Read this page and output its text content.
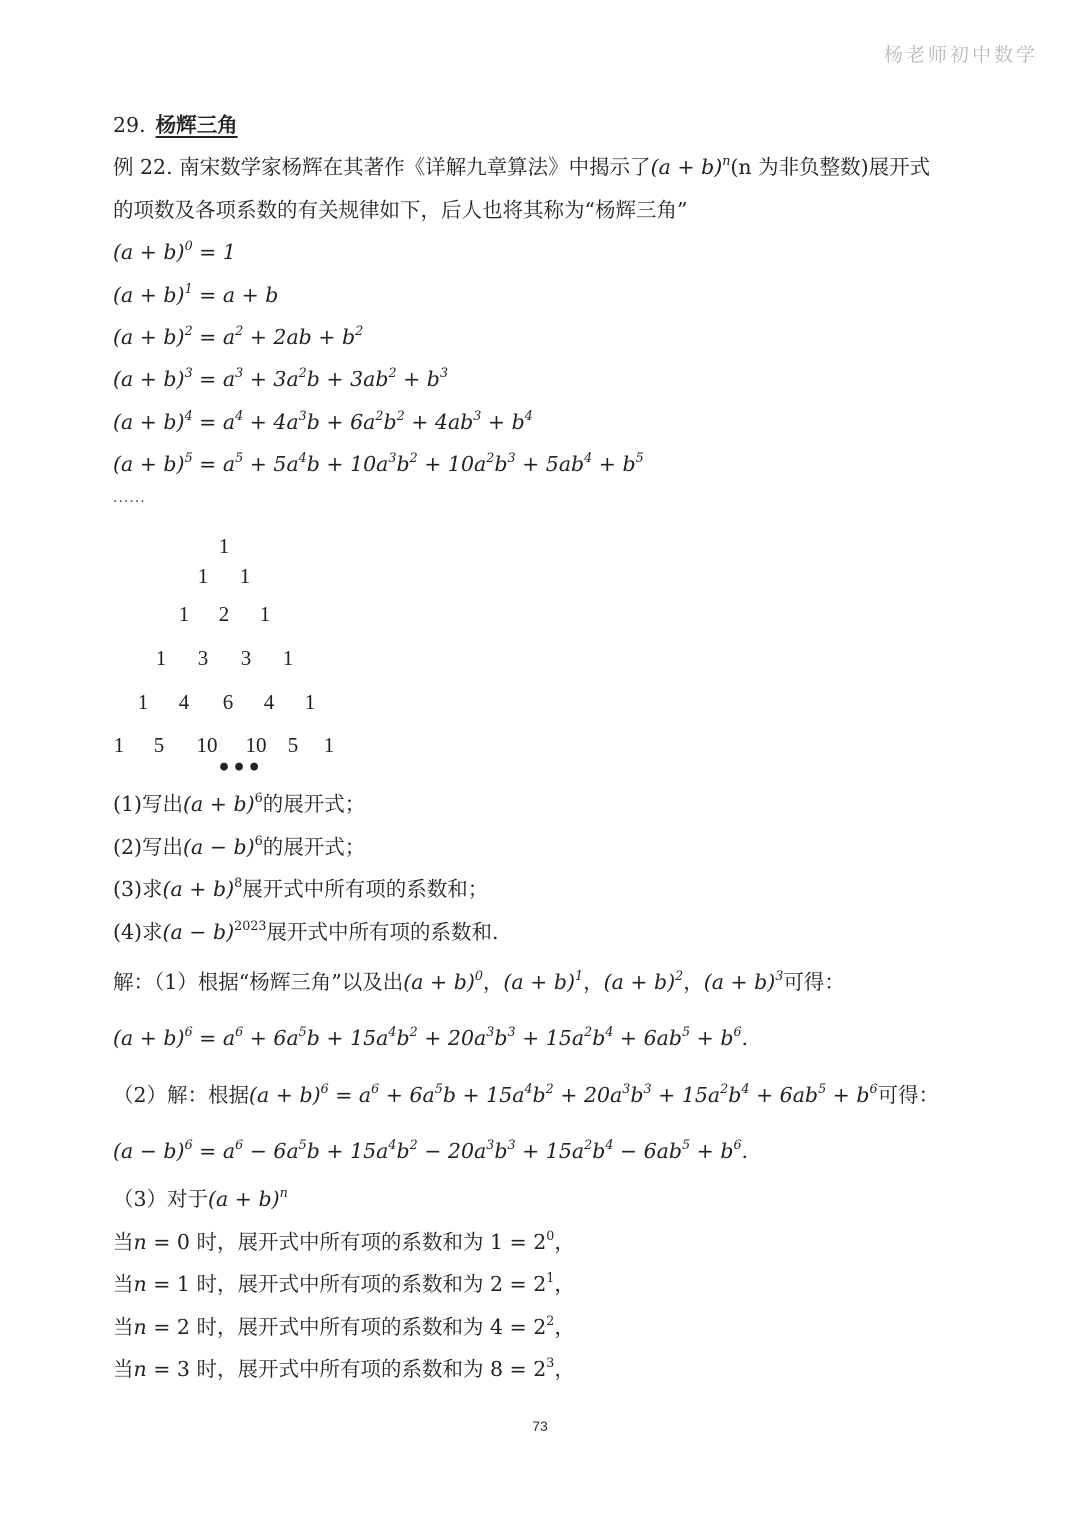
杨老师初中数学
29. 杨辉三角
例 22. 南宋数学家杨辉在其著作《详解九章算法》中揭示了$(a + b)^n(n$ 为非负整数)展开式
的项数及各项系数的有关规律如下，后人也将其称为“杨辉三角”
$(a + b)^0 = 1$
$(a + b)^1 = a + b$
$(a + b)^2 = a^2 + 2ab + b^2$
$(a + b)^3 = a^3 + 3a^2b + 3ab^2 + b^3$
$(a + b)^4 = a^4 + 4a^3b + 6a^2b^2 + 4ab^3 + b^4$
$(a + b)^5 = a^5 + 5a^4b + 10a^3b^2 + 10a^2b^3 + 5ab^4 + b^5$
······
1
1 1
1 2 1
1 3 3 1
1 4 6 4 1
1 5 10 10 5 1
•••
(1)写出$(a + b)^6$的展开式；
(2)写出$(a - b)^6$的展开式；
(3)求$(a + b)^8$展开式中所有项的系数和；
(4)求$(a - b)^{2023}$展开式中所有项的系数和.
解：（1）根据“杨辉三角”以及出$(a + b)^0$，$(a + b)^1$，$(a + b)^2$，$(a + b)^3$可得：
$(a + b)^6 = a^6 + 6a^5b + 15a^4b^2 + 20a^3b^3 + 15a^2b^4 + 6ab^5 + b^6$.
（2）解：根据$(a + b)^6 = a^6 + 6a^5b + 15a^4b^2 + 20a^3b^3 + 15a^2b^4 + 6ab^5 + b^6$可得：
$(a - b)^6 = a^6 - 6a^5b + 15a^4b^2 - 20a^3b^3 + 15a^2b^4 - 6ab^5 + b^6$.
（3）对于$(a + b)^n$
当n = 0 时，展开式中所有项的系数和为 $1 = 2^0$，
当n = 1 时，展开式中所有项的系数和为 $2 = 2^1$，
当n = 2 时，展开式中所有项的系数和为 $4 = 2^2$，
当n = 3 时，展开式中所有项的系数和为 $8 = 2^3$，
73
